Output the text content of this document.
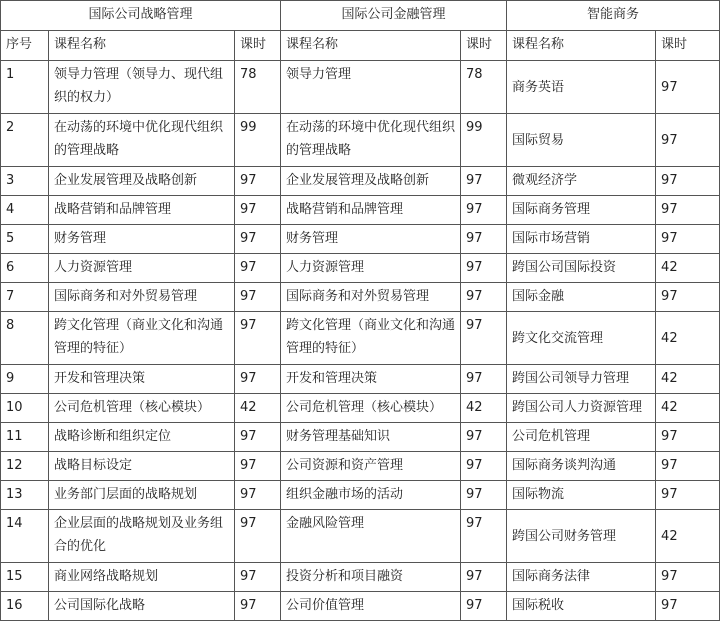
国际公司战略管理			国际公司金融管理		智能商务	
序号	课程名称	课时	课程名称	课时	课程名称	课时
1	领导力管理（领导力、现代组织的权力）	78	领导力管理	78	商务英语	97
2	在动荡的环境中优化现代组织的管理战略	99	在动荡的环境中优化现代组织的管理战略	99	国际贸易	97
3	企业发展管理及战略创新	97	企业发展管理及战略创新	97	微观经济学	97
4	战略营销和品牌管理	97	战略营销和品牌管理	97	国际商务管理	97
5	财务管理	97	财务管理	97	国际市场营销	97
6	人力资源管理	97	人力资源管理	97	跨国公司国际投资	42
7	国际商务和对外贸易管理	97	国际商务和对外贸易管理	97	国际金融	97
8	跨文化管理（商业文化和沟通管理的特征）	97	跨文化管理（商业文化和沟通管理的特征）	97	跨文化交流管理	42
9	开发和管理决策	97	开发和管理决策	97	跨国公司领导力管理	42
10	公司危机管理（核心模块）	42	公司危机管理（核心模块）	42	跨国公司人力资源管理	42
11	战略诊断和组织定位	97	财务管理基础知识	97	公司危机管理	97
12	战略目标设定	97	公司资源和资产管理	97	国际商务谈判沟通	97
13	业务部门层面的战略规划	97	组织金融市场的活动	97	国际物流	97
14	企业层面的战略规划及业务组合的优化	97	金融风险管理	97	跨国公司财务管理	42
15	商业网络战略规划	97	投资分析和项目融资	97	国际商务法律	97
16	公司国际化战略	97	公司价值管理	97	国际税收	97
